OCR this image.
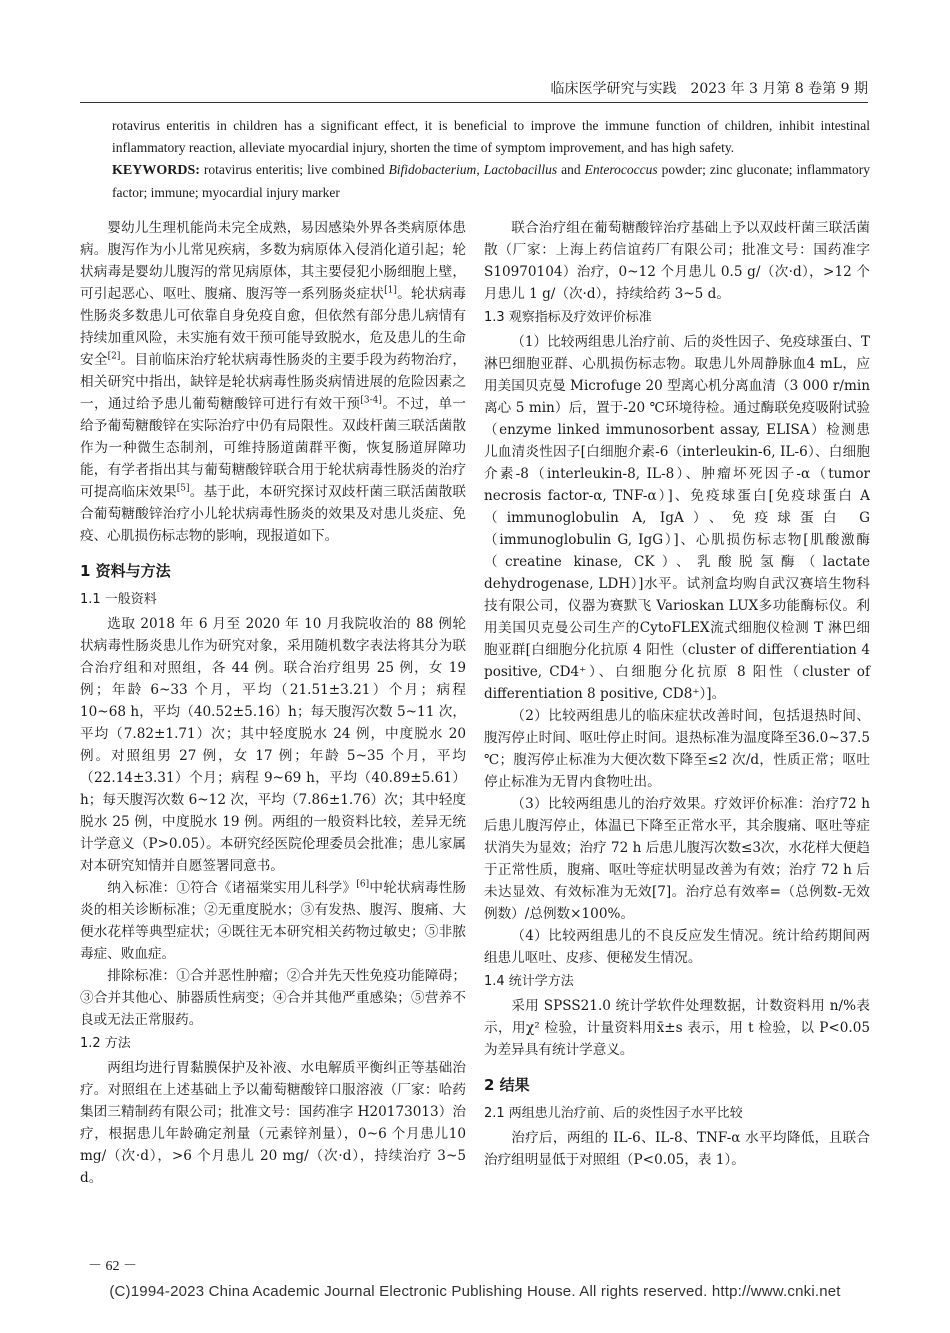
临床医学研究与实践　2023 年 3 月第 8 卷第 9 期

rotavirus enteritis in children has a significant effect, it is beneficial to improve the immune function of children, inhibit intestinal inflammatory reaction, alleviate myocardial injury, shorten the time of symptom improvement, and has high safety.

KEYWORDS: rotavirus enteritis; live combined Bifidobacterium, Lactobacillus and Enterococcus powder; zinc gluconate; inflammatory factor; immune; myocardial injury marker

婴幼儿生理机能尚未完全成熟，易因感染外界各类病原体患病。腹泻作为小儿常见疾病，多数为病原体入侵消化道引起；轮状病毒是婴幼儿腹泻的常见病原体，其主要侵犯小肠细胞上壁，可引起恶心、呕吐、腹痛、腹泻等一系列肠炎症状[1]。轮状病毒性肠炎多数患儿可依靠自身免疫自愈，但依然有部分患儿病情有持续加重风险，未实施有效干预可能导致脱水，危及患儿的生命安全[2]。目前临床治疗轮状病毒性肠炎的主要手段为药物治疗，相关研究中指出，缺锌是轮状病毒性肠炎病情进展的危险因素之一，通过给予患儿葡萄糖酸锌可进行有效干预[3-4]。不过，单一给予葡萄糖酸锌在实际治疗中仍有局限性。双歧杆菌三联活菌散作为一种微生态制剂，可维持肠道菌群平衡，恢复肠道屏障功能，有学者指出其与葡萄糖酸锌联合用于轮状病毒性肠炎的治疗可提高临床效果[5]。基于此，本研究探讨双歧杆菌三联活菌散联合葡萄糖酸锌治疗小儿轮状病毒性肠炎的效果及对患儿炎症、免疫、心肌损伤标志物的影响，现报道如下。

1 资料与方法
1.1 一般资料

选取 2018 年 6 月至 2020 年 10 月我院收治的 88 例轮状病毒性肠炎患儿作为研究对象，采用随机数字表法将其分为联合治疗组和对照组，各 44 例。联合治疗组男 25 例，女 19 例；年龄 6~33 个月，平均（21.51±3.21）个月；病程 10~68 h，平均（40.52±5.16）h；每天腹泻次数 5~11 次，平均（7.82±1.71）次；其中轻度脱水 24 例，中度脱水 20 例。对照组男 27 例，女 17 例；年龄 5~35 个月，平均（22.14±3.31）个月；病程 9~69 h，平均（40.89±5.61）h；每天腹泻次数 6~12 次，平均（7.86±1.76）次；其中轻度脱水 25 例，中度脱水 19 例。两组的一般资料比较，差异无统计学意义（P>0.05）。本研究经医院伦理委员会批准；患儿家属对本研究知情并自愿签署同意书。

纳入标准：①符合《诸福棠实用儿科学》[6]中轮状病毒性肠炎的相关诊断标准；②无重度脱水；③有发热、腹泻、腹痛、大便水花样等典型症状；④既往无本研究相关药物过敏史；⑤非脓毒症、败血症。

排除标准：①合并恶性肿瘤；②合并先天性免疫功能障碍；③合并其他心、肺器质性病变；④合并其他严重感染；⑤营养不良或无法正常服药。

1.2 方法

两组均进行胃黏膜保护及补液、水电解质平衡纠正等基础治疗。对照组在上述基础上予以葡萄糖酸锌口服溶液（厂家：哈药集团三精制药有限公司；批准文号：国药准字 H20173013）治疗，根据患儿年龄确定剂量（元素锌剂量），0~6 个月患儿10 mg/（次·d），>6 个月患儿 20 mg/（次·d），持续治疗 3~5 d。

联合治疗组在葡萄糖酸锌治疗基础上予以双歧杆菌三联活菌散（厂家：上海上药信谊药厂有限公司；批准文号：国药准字 S10970104）治疗，0~12 个月患儿 0.5 g/（次·d），>12 个月患儿 1 g/（次·d），持续给药 3~5 d。

1.3 观察指标及疗效评价标准

（1）比较两组患儿治疗前、后的炎性因子、免疫球蛋白、T 淋巴细胞亚群、心肌损伤标志物。取患儿外周静脉血4 mL，应用美国贝克曼 Microfuge 20 型离心机分离血清（3 000 r/min 离心 5 min）后，置于-20 ℃环境待检。通过酶联免疫吸附试验（enzyme linked immunosorbent assay, ELISA）检测患儿血清炎性因子[白细胞介素-6（interleukin-6, IL-6）、白细胞介素-8（interleukin-8, IL-8）、肿瘤坏死因子-α（tumor necrosis factor-α, TNF-α）]、免疫球蛋白[免疫球蛋白 A（immunoglobulin A, IgA）、免疫球蛋白 G（immunoglobulin G, IgG）]、心肌损伤标志物[肌酸激酶（creatine kinase, CK）、乳酸脱氢酶（lactate dehydrogenase, LDH）]水平。试剂盒均购自武汉赛培生物科技有限公司，仪器为赛默飞 Varioskan LUX多功能酶标仪。利用美国贝克曼公司生产的CytoFLEX流式细胞仪检测 T 淋巴细胞亚群[白细胞分化抗原 4 阳性（cluster of differentiation 4 positive, CD4⁺）、白细胞分化抗原 8 阳性（cluster of differentiation 8 positive, CD8⁺）]。

（2）比较两组患儿的临床症状改善时间，包括退热时间、腹泻停止时间、呕吐停止时间。退热标准为温度降至36.0~37.5 ℃；腹泻停止标准为大便次数下降至≤2 次/d，性质正常；呕吐停止标准为无胃内食物吐出。

（3）比较两组患儿的治疗效果。疗效评价标准：治疗72 h后患儿腹泻停止，体温已下降至正常水平，其余腹痛、呕吐等症状消失为显效；治疗 72 h 后患儿腹泻次数≤3次，水花样大便趋于正常性质，腹痛、呕吐等症状明显改善为有效；治疗 72 h 后未达显效、有效标准为无效[7]。治疗总有效率=（总例数-无效例数）/总例数×100%。

（4）比较两组患儿的不良反应发生情况。统计给药期间两组患儿呕吐、皮疹、便秘发生情况。

1.4 统计学方法

采用 SPSS21.0 统计学软件处理数据，计数资料用 n/%表示，用χ² 检验，计量资料用x̄±s 表示，用 t 检验，以 P<0.05 为差异具有统计学意义。

2 结果
2.1 两组患儿治疗前、后的炎性因子水平比较

治疗后，两组的 IL-6、IL-8、TNF-α 水平均降低，且联合治疗组明显低于对照组（P<0.05，表 1）。

－ 62 －
(C)1994-2023 China Academic Journal Electronic Publishing House. All rights reserved. http://www.cnki.net
